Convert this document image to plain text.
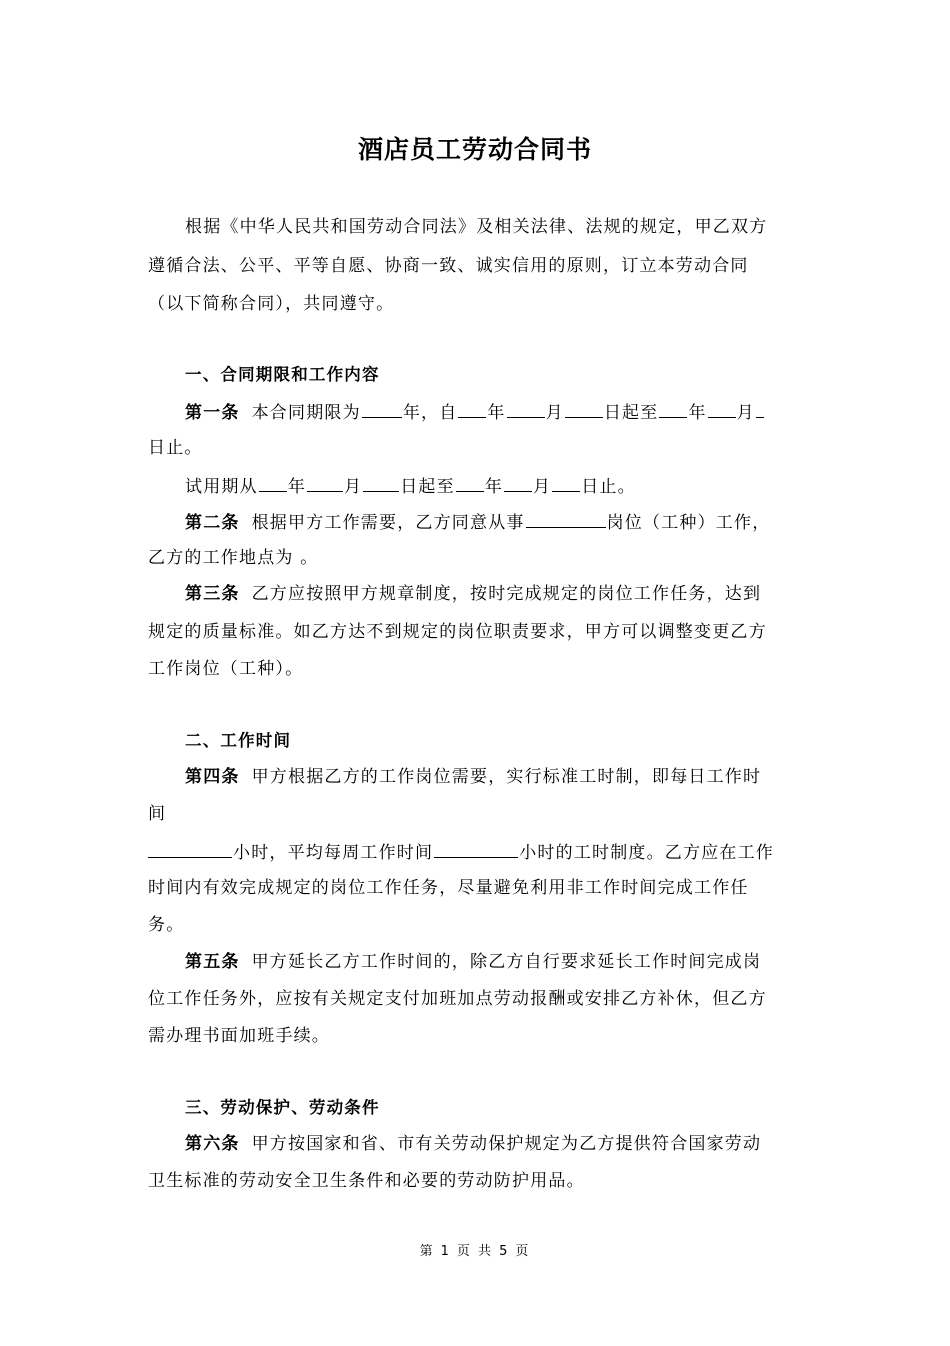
酒店员工劳动合同书
根据《中华人民共和国劳动合同法》及相关法律、法规的规定，甲乙双方
遵循合法、公平、平等自愿、协商一致、诚实信用的原则，订立本劳动合同
（以下简称合同），共同遵守。
一、合同期限和工作内容
第一条 本合同期限为 年，自 年 月 日起至 年 月
日止。
试用期从 年 月 日起至 年 月 日止。
第二条 根据甲方工作需要，乙方同意从事	岗位（工种）工作，
乙方的工作地点为 。
第三条 乙方应按照甲方规章制度，按时完成规定的岗位工作任务，达到
规定的质量标准。如乙方达不到规定的岗位职责要求，甲方可以调整变更乙方
工作岗位（工种）。
二、工作时间
第四条 甲方根据乙方的工作岗位需要，实行标准工时制，即每日工作时
间
小时，平均每周工作时间	小时的工时制度。乙方应在工作
时间内有效完成规定的岗位工作任务，尽量避免利用非工作时间完成工作任
务。
第五条 甲方延长乙方工作时间的，除乙方自行要求延长工作时间完成岗
位工作任务外，应按有关规定支付加班加点劳动报酬或安排乙方补休，但乙方
需办理书面加班手续。
三、劳动保护、劳动条件
第六条 甲方按国家和省、市有关劳动保护规定为乙方提供符合国家劳动
卫生标准的劳动安全卫生条件和必要的劳动防护用品。
第 1 页 共 5 页
